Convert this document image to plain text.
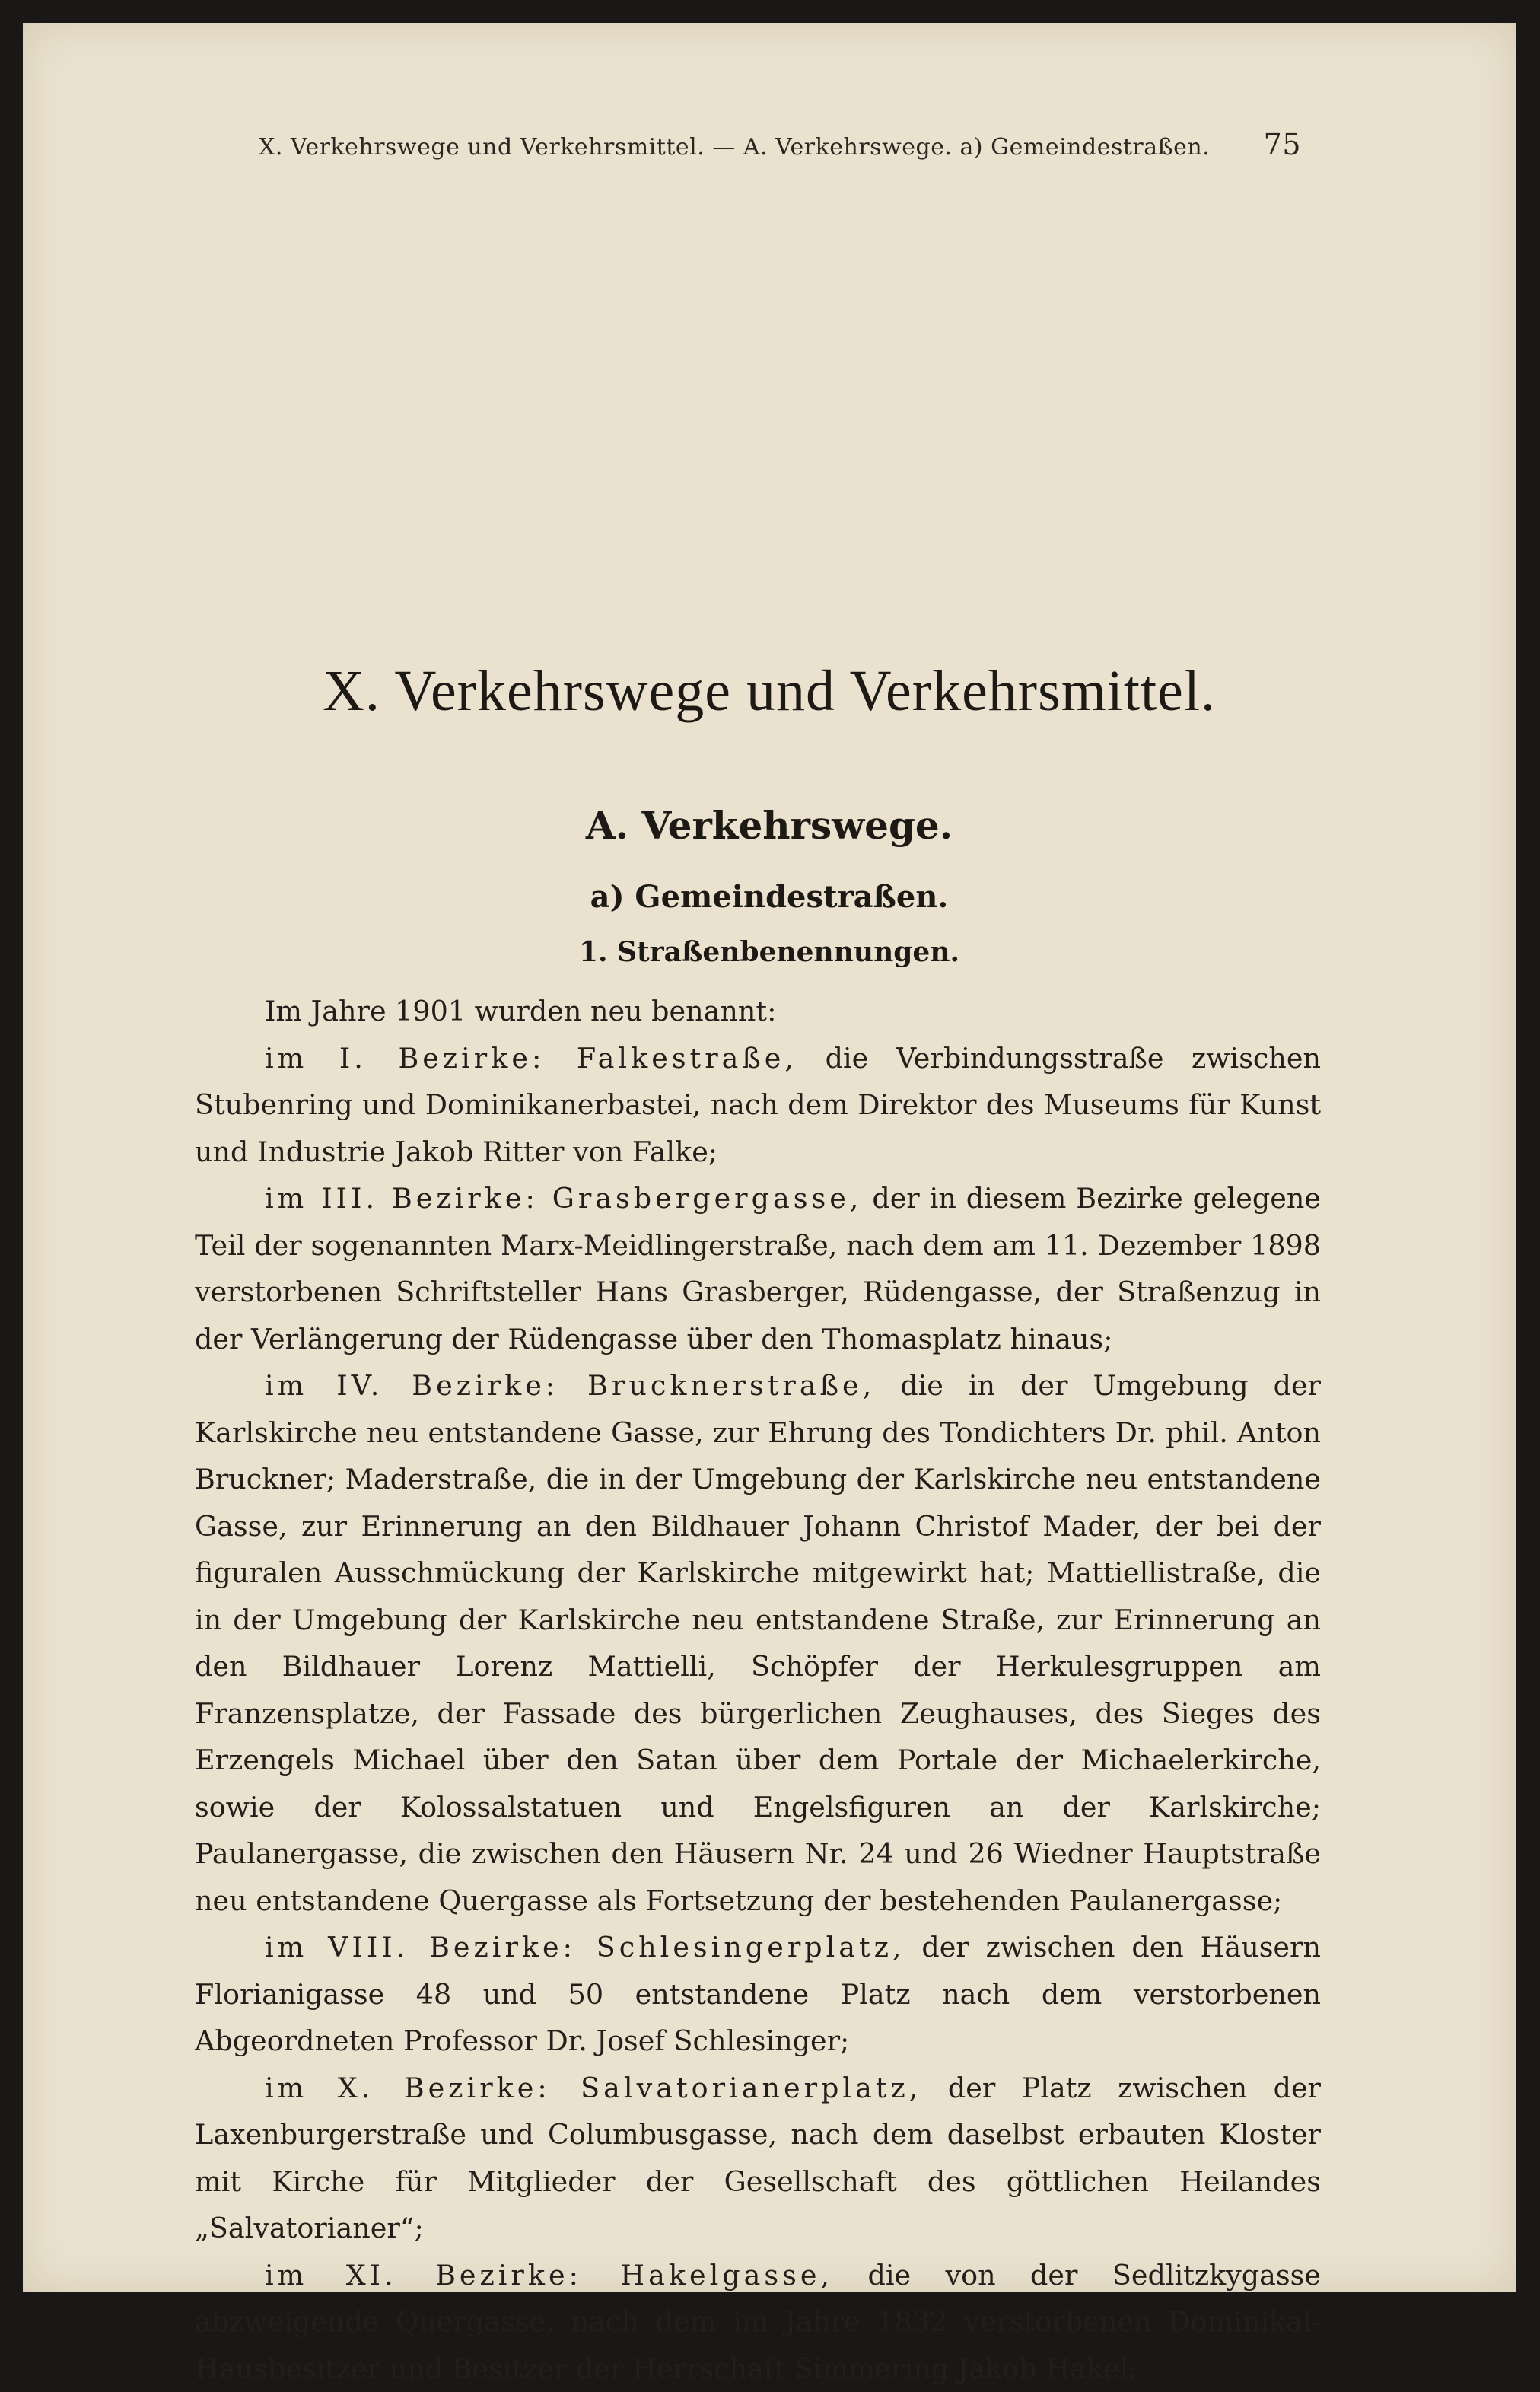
X. Verkehrswege und Verkehrsmittel. — A. Verkehrswege. a) Gemeindestraßen. 75
X. Verkehrswege und Verkehrsmittel.
A. Verkehrswege.
a) Gemeindestraßen.
1. Straßenbenennungen.

Im Jahre 1901 wurden neu benannt:

im I. Bezirke: Falkestraße, die Verbindungsstraße zwischen Stubenring und Dominikanerbastei, nach dem Direktor des Museums für Kunst und Industrie Jakob Ritter von Falke;

im III. Bezirke: Grasbergergasse, der in diesem Bezirke gelegene Teil der sogenannten Marx-Meidlingerstraße, nach dem am 11. Dezember 1898 verstorbenen Schriftsteller Hans Grasberger, Rüdengasse, der Straßenzug in der Verlängerung der Rüdengasse über den Thomasplatz hinaus;

im IV. Bezirke: Brucknerstraße, die in der Umgebung der Karlskirche neu entstandene Gasse, zur Ehrung des Tondichters Dr. phil. Anton Bruckner; Maderstraße, die in der Umgebung der Karlskirche neu entstandene Gasse, zur Erinnerung an den Bildhauer Johann Christof Mader, der bei der figuralen Ausschmückung der Karlskirche mitgewirkt hat; Mattiellistraße, die in der Umgebung der Karlskirche neu entstandene Straße, zur Erinnerung an den Bildhauer Lorenz Mattielli, Schöpfer der Herkulesgruppen am Franzensplatze, der Fassade des bürgerlichen Zeughauses, des Sieges des Erzengels Michael über den Satan über dem Portale der Michaelerkirche, sowie der Kolossalstatuen und Engelsfiguren an der Karlskirche; Paulanergasse, die zwischen den Häusern Nr. 24 und 26 Wiedner Hauptstraße neu entstandene Quergasse als Fortsetzung der bestehenden Paulanergasse;

im VIII. Bezirke: Schlesingerplatz, der zwischen den Häusern Florianigasse 48 und 50 entstandene Platz nach dem verstorbenen Abgeordneten Professor Dr. Josef Schlesinger;

im X. Bezirke: Salvatorianerplatz, der Platz zwischen der Laxenburgerstraße und Columbusgasse, nach dem daselbst erbauten Kloster mit Kirche für Mitglieder der Gesellschaft des göttlichen Heilandes „Salvatorianer“;

im XI. Bezirke: Hakelgasse, die von der Sedlitzkygasse abzweigende Quergasse, nach dem im Jahre 1832 verstorbenen Dominikal-Hausbesitzer und Besitzer der Herrschaft Simmering Jakob Hakel;
